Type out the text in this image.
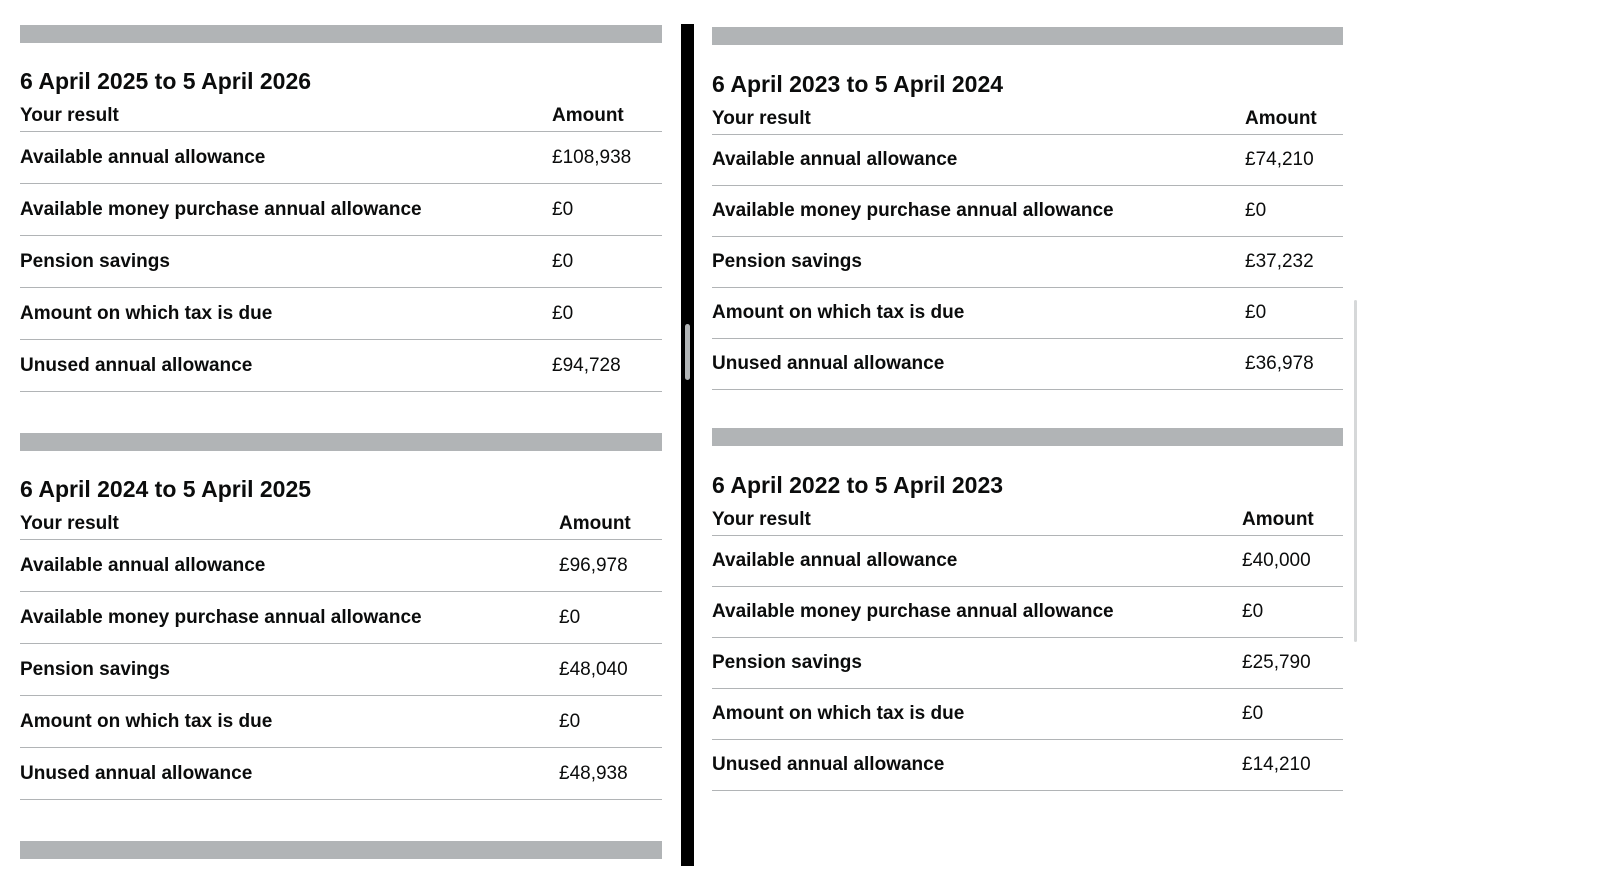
6 April 2025 to 5 April 2026
Your result	Amount
Available annual allowance	£108,938
Available money purchase annual allowance	£0
Pension savings	£0
Amount on which tax is due	£0
Unused annual allowance	£94,728
6 April 2024 to 5 April 2025
Your result	Amount
Available annual allowance	£96,978
Available money purchase annual allowance	£0
Pension savings	£48,040
Amount on which tax is due	£0
Unused annual allowance	£48,938
6 April 2023 to 5 April 2024
Your result	Amount
Available annual allowance	£74,210
Available money purchase annual allowance	£0
Pension savings	£37,232
Amount on which tax is due	£0
Unused annual allowance	£36,978
6 April 2022 to 5 April 2023
Your result	Amount
Available annual allowance	£40,000
Available money purchase annual allowance	£0
Pension savings	£25,790
Amount on which tax is due	£0
Unused annual allowance	£14,210
